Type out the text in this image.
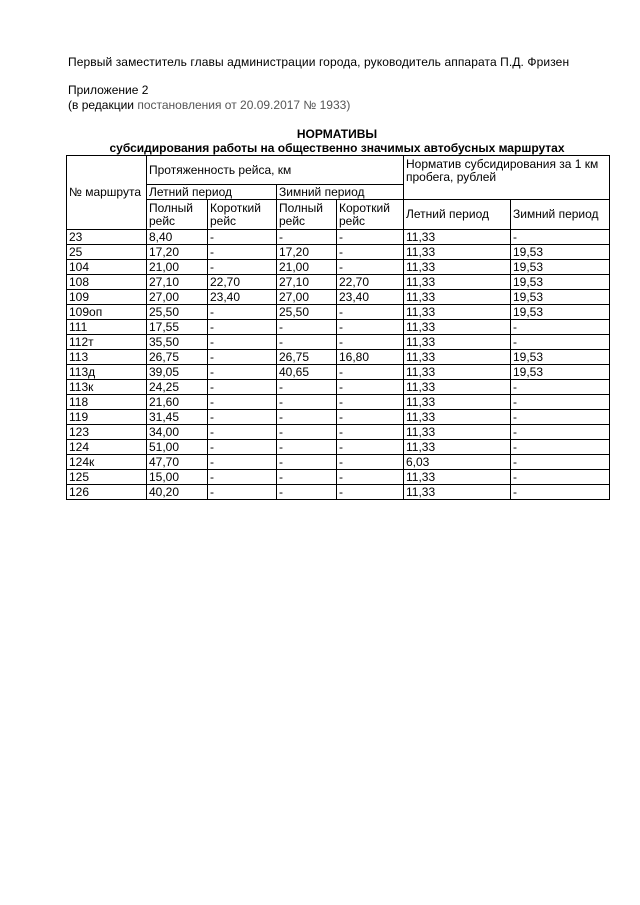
Первый заместитель главы администрации города, руководитель аппарата П.Д. Фризен
Приложение 2
(в редакции постановления от 20.09.2017 № 1933)
НОРМАТИВЫ
субсидирования работы на общественно значимых автобусных маршрутах
№ маршрута	Протяженность рейса, км				Норматив субсидирования за 1 км пробега, рублей	
	Летний период		Зимний период			
	Полный рейс	Короткий рейс	Полный рейс	Короткий рейс	Летний период	Зимний период
23	8,40	-	-	-	11,33	-
25	17,20	-	17,20	-	11,33	19,53
104	21,00	-	21,00	-	11,33	19,53
108	27,10	22,70	27,10	22,70	11,33	19,53
109	27,00	23,40	27,00	23,40	11,33	19,53
109оп	25,50	-	25,50	-	11,33	19,53
111	17,55	-	-	-	11,33	-
112т	35,50	-	-	-	11,33	-
113	26,75	-	26,75	16,80	11,33	19,53
113д	39,05	-	40,65	-	11,33	19,53
113к	24,25	-	-	-	11,33	-
118	21,60	-	-	-	11,33	-
119	31,45	-	-	-	11,33	-
123	34,00	-	-	-	11,33	-
124	51,00	-	-	-	11,33	-
124к	47,70	-	-	-	6,03	-
125	15,00	-	-	-	11,33	-
126	40,20	-	-	-	11,33	-
